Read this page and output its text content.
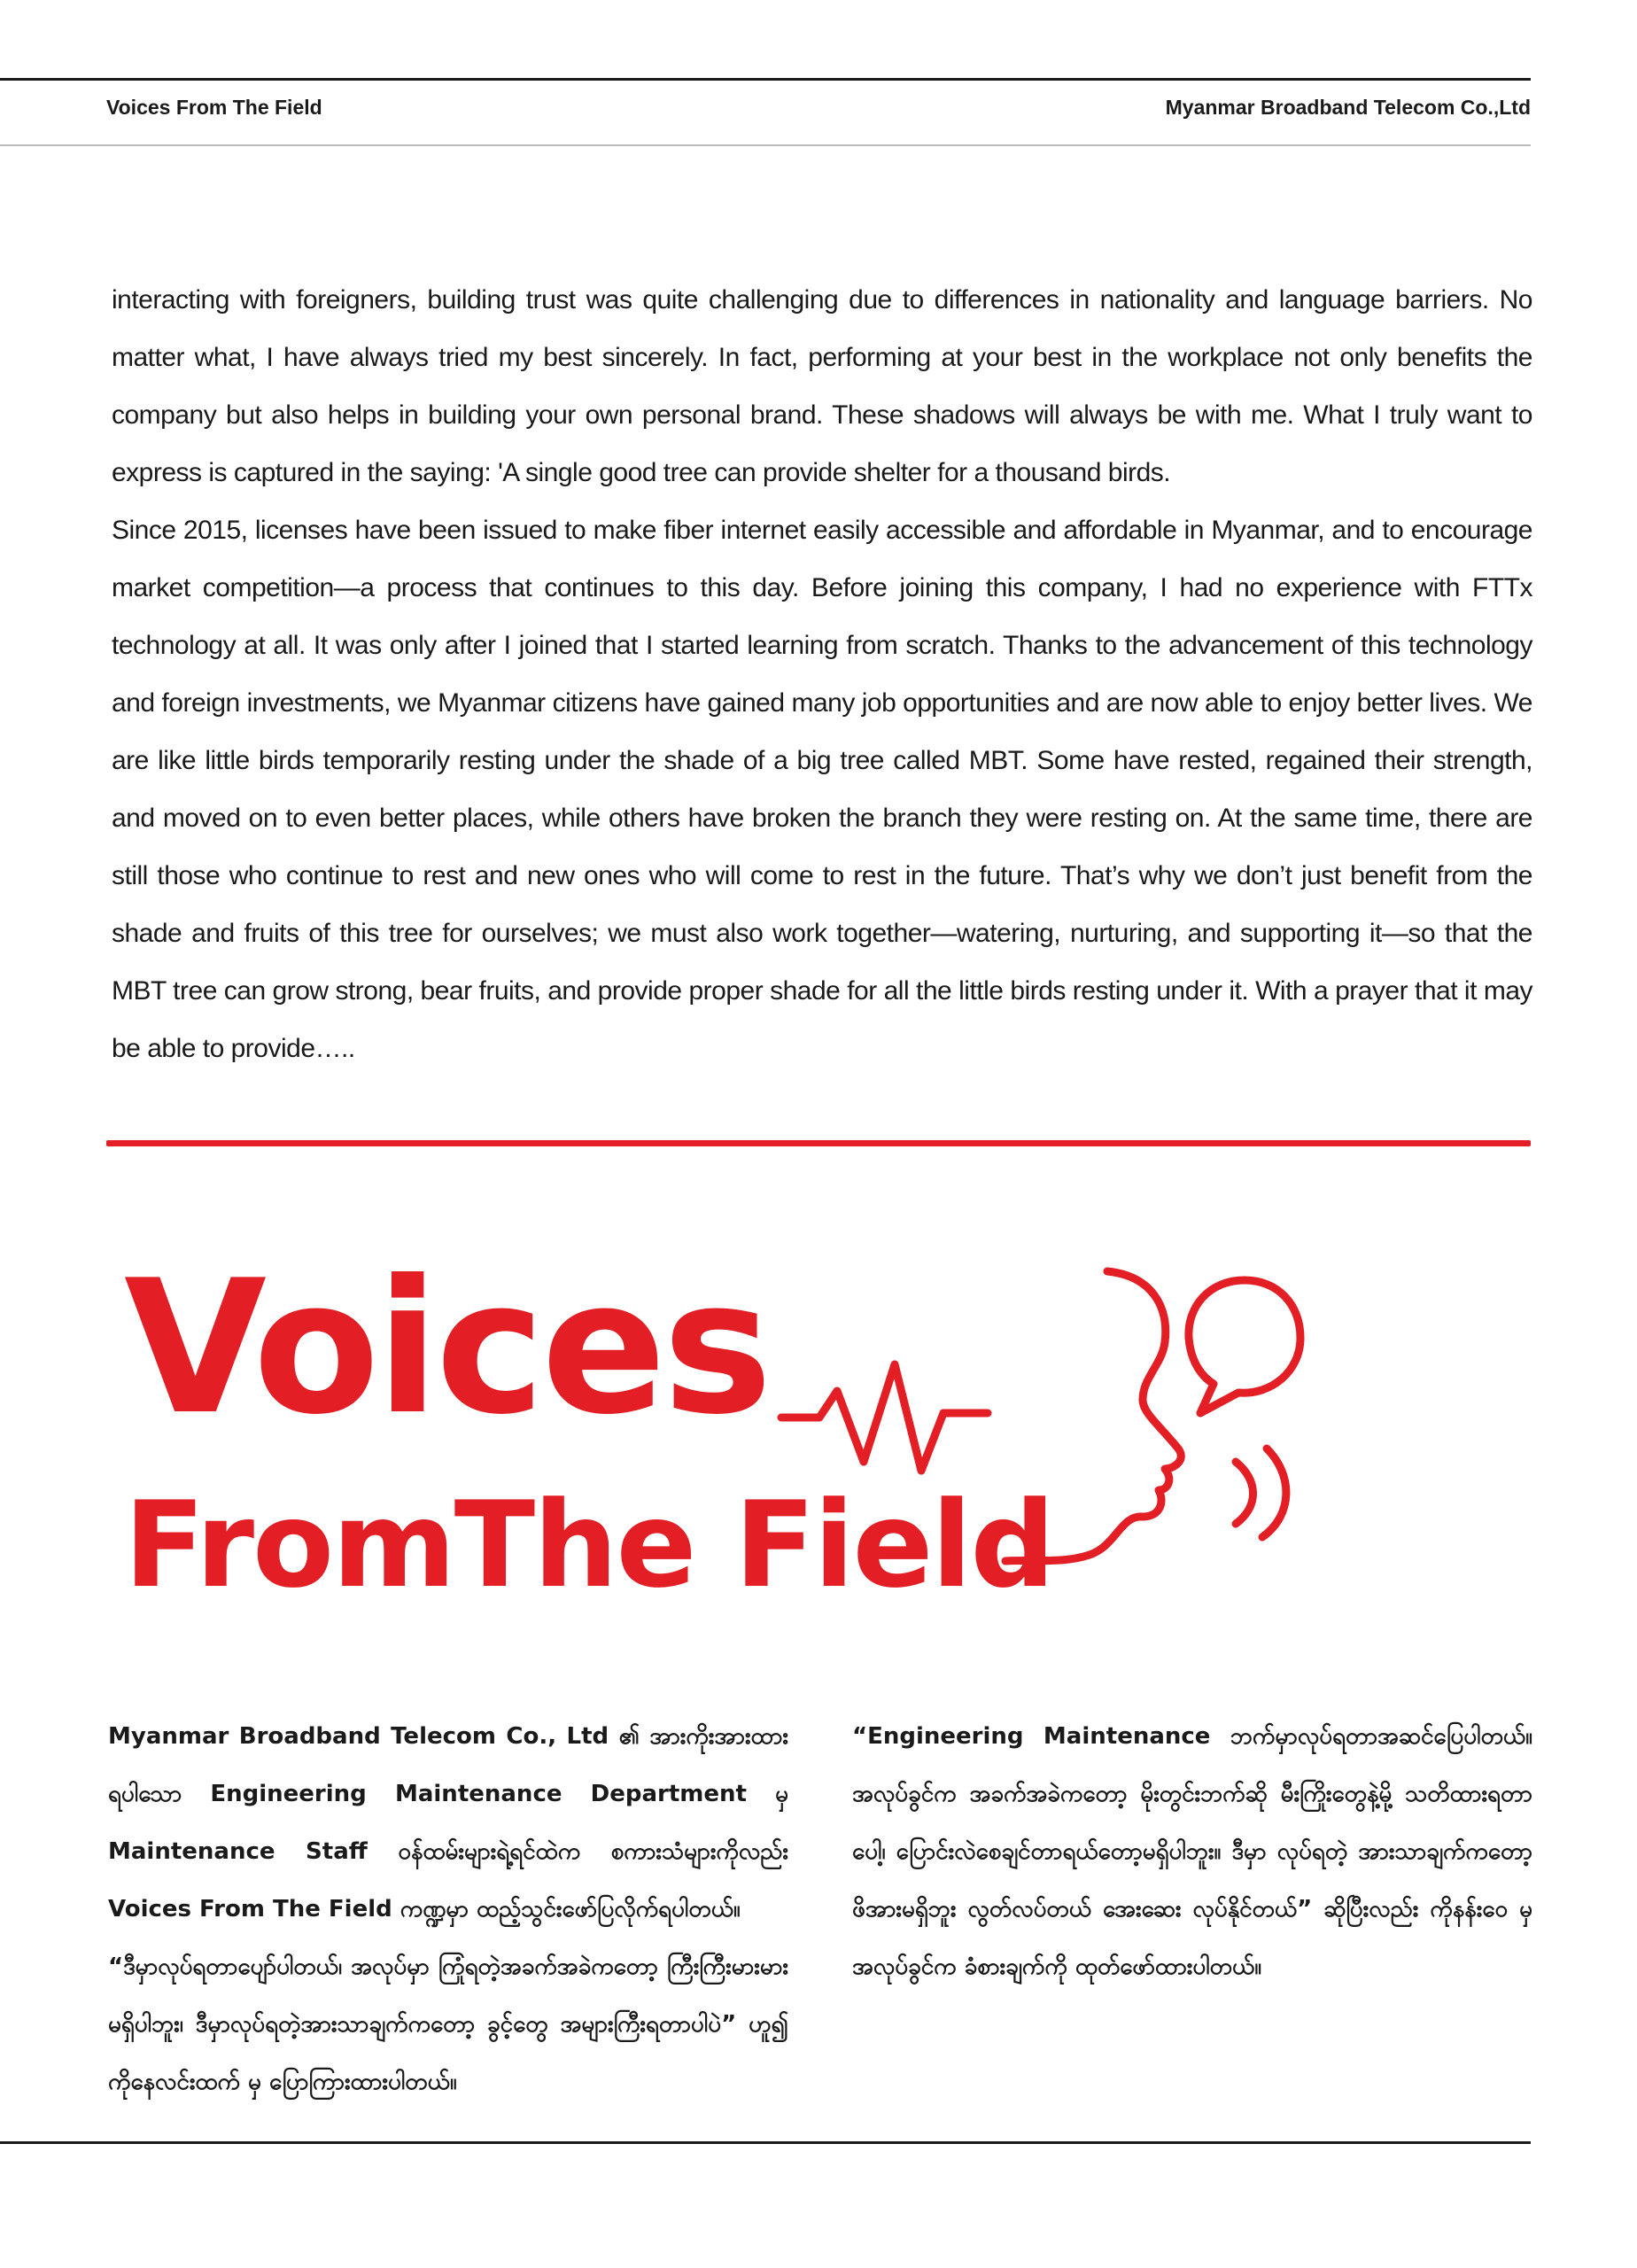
Voices From The Field	Myanmar Broadband Telecom Co.,Ltd

interacting with foreigners, building trust was quite challenging due to differences in nationality and language barriers. No matter what, I have always tried my best sincerely. In fact, performing at your best in the workplace not only benefits the company but also helps in building your own personal brand. These shadows will always be with me. What I truly want to express is captured in the saying: 'A single good tree can provide shelter for a thousand birds.

Since 2015, licenses have been issued to make fiber internet easily accessible and affordable in Myanmar, and to encourage market competition—a process that continues to this day. Before joining this company, I had no experience with FTTx technology at all. It was only after I joined that I started learning from scratch. Thanks to the advancement of this technology and foreign investments, we Myanmar citizens have gained many job opportunities and are now able to enjoy better lives. We are like little birds temporarily resting under the shade of a big tree called MBT. Some have rested, regained their strength, and moved on to even better places, while others have broken the branch they were resting on. At the same time, there are still those who continue to rest and new ones who will come to rest in the future. That’s why we don’t just benefit from the shade and fruits of this tree for ourselves; we must also work together—watering, nurturing, and supporting it—so that the MBT tree can grow strong, bear fruits, and provide proper shade for all the little birds resting under it. With a prayer that it may be able to provide…..

Voices
FromThe Field

Myanmar Broadband Telecom Co., Ltd ၏ အားကိုးအားထားရပါသော Engineering Maintenance Department မှ Maintenance Staff ဝန်ထမ်းများရဲ့ရင်ထဲက စကားသံများကိုလည်း Voices From The Field ကဏ္ဍမှာ ထည့်သွင်းဖော်ပြလိုက်ရပါတယ်။

“ဒီမှာလုပ်ရတာပျော်ပါတယ်၊ အလုပ်မှာ ကြုံရတဲ့အခက်အခဲကတော့ ကြီးကြီးမားမားမရှိပါဘူး၊ ဒီမှာလုပ်ရတဲ့အားသာချက်ကတော့ ခွင့်တွေ အများကြီးရတာပါပဲ” ဟူ၍ ကိုနေလင်းထက် မှ ပြောကြားထားပါတယ်။

“Engineering Maintenance ဘက်မှာလုပ်ရတာအဆင်ပြေပါတယ်။ အလုပ်ခွင်က အခက်အခဲကတော့ မိုးတွင်းဘက်ဆို မီးကြိုးတွေနဲ့မို့ သတိထားရတာပေါ့၊ ပြောင်းလဲစေချင်တာရယ်တော့မရှိပါဘူး။ ဒီမှာ လုပ်ရတဲ့ အားသာချက်ကတော့ ဖိအားမရှိဘူး လွတ်လပ်တယ် အေးဆေး လုပ်နိုင်တယ်” ဆိုပြီးလည်း ကိုနန်းဝေ မှ အလုပ်ခွင်က ခံစားချက်ကို ထုတ်ဖော်ထားပါတယ်။
